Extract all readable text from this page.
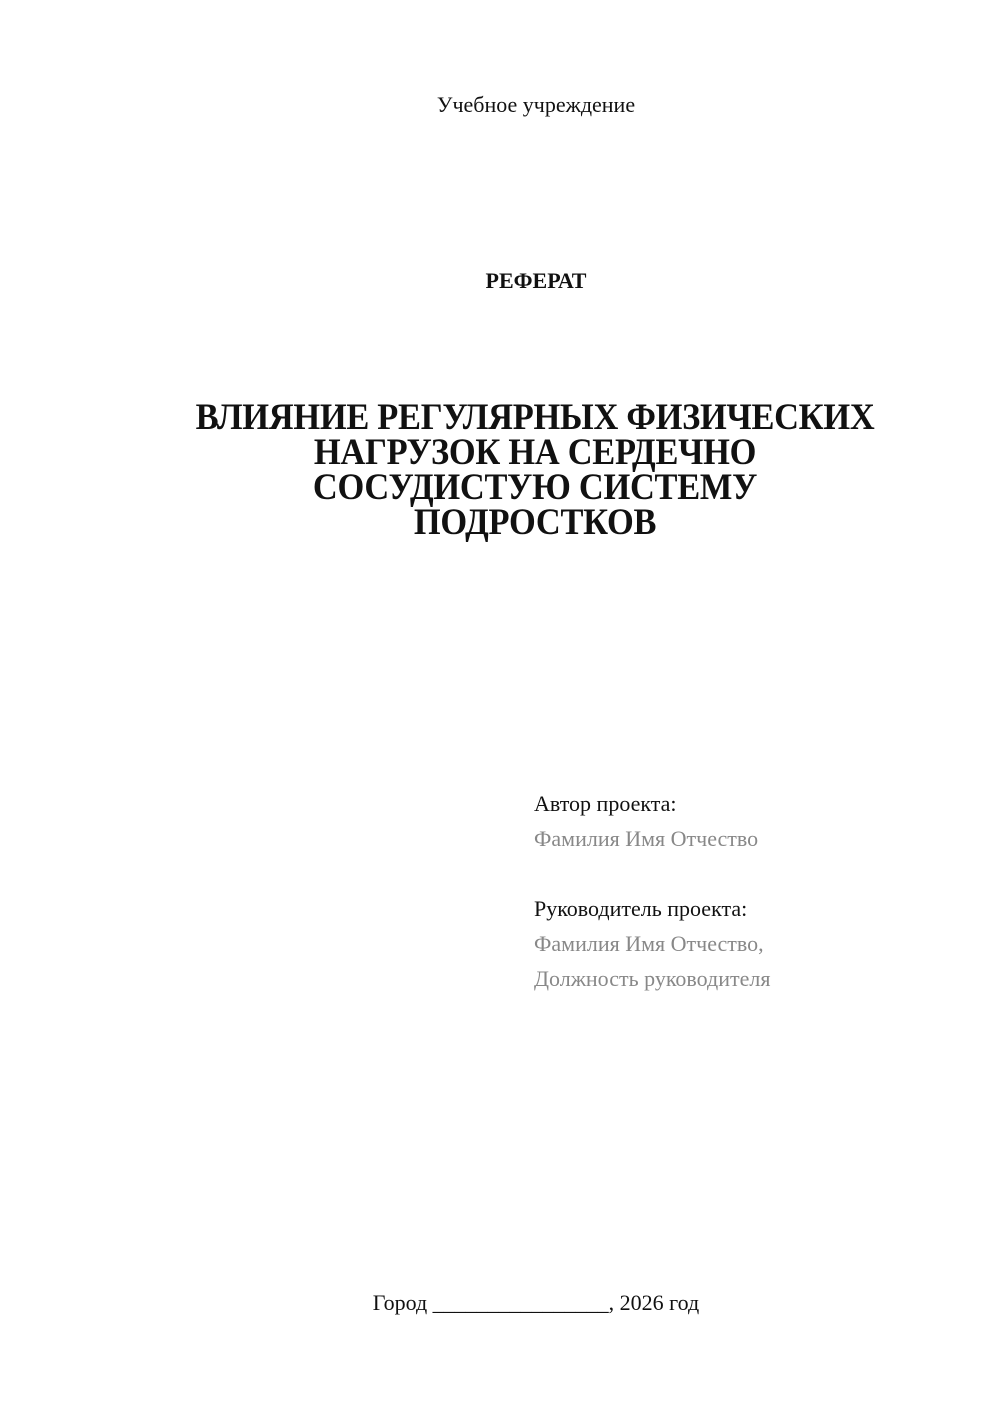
Учебное учреждение
РЕФЕРАТ
ВЛИЯНИЕ РЕГУЛЯРНЫХ ФИЗИЧЕСКИХ
НАГРУЗОК НА СЕРДЕЧНО
СОСУДИСТУЮ СИСТЕМУ
ПОДРОСТКОВ
Автор проекта:
Фамилия Имя Отчество
Руководитель проекта:
Фамилия Имя Отчество,
Должность руководителя
Город ________________, 2026 год
